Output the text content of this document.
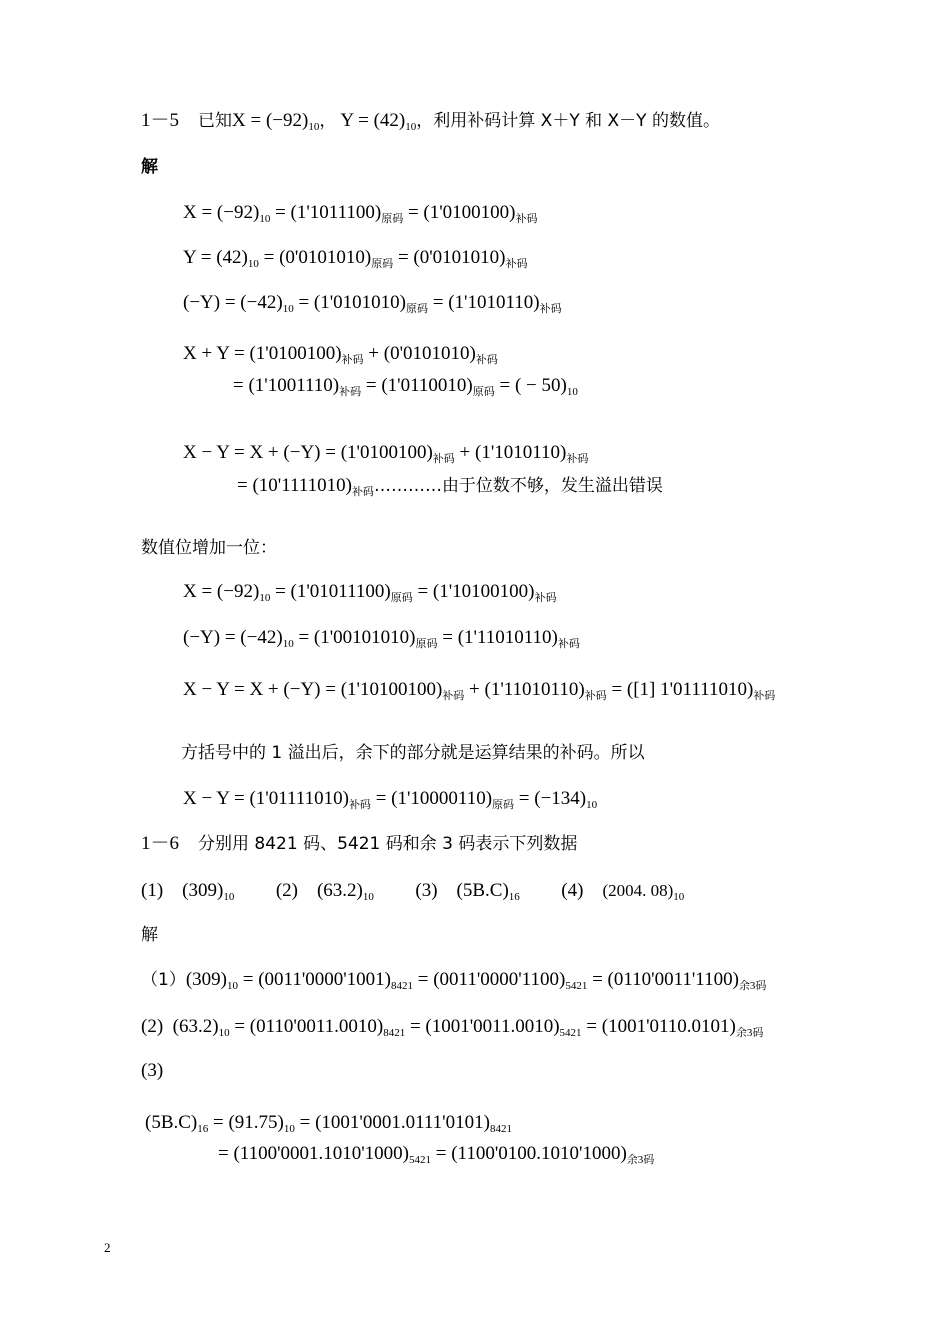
1－5 已知$X = (-92)_{10}$， $Y = (42)_{10}$，利用补码计算 X＋Y 和 X－Y 的数值。
解
$X = (-92)_{10} = (1'1011100)_{原码} = (1'0100100)_{补码}$
$Y = (42)_{10} = (0'0101010)_{原码} = (0'0101010)_{补码}$
$(-Y) = (-42)_{10} = (1'0101010)_{原码} = (1'1010110)_{补码}$
$X + Y = (1'0100100)_{补码} + (0'0101010)_{补码}$
= $(1'1001110)_{补码} = (1'0110010)_{原码}$ = ( − $50)_{10}$
$X - Y = X + (-Y) = (1'0100100)_{补码} + (1'1010110)_{补码}$
= $(10'1111010)_{补码}\dots\dots\dots\dots$由于位数不够，发生溢出错误
数值位增加一位：
$X = (-92)_{10} = (1'01011100)_{原码} = (1'10100100)_{补码}$
$(-Y) = (-42)_{10} = (1'00101010)_{原码} = (1'11010110)_{补码}$
$X - Y = X + (-Y) = (1'10100100)_{补码} + (1'11010110)_{补码} = ([1]$ $1'01111010)_{补码}$
方括号中的 1 溢出后，余下的部分就是运算结果的补码。所以
$X - Y = (1'01111010)_{补码} = (1'10000110)_{原码} = (-134)_{10}$
1－6 分别用 8421 码、5421 码和余 3 码表示下列数据
(1) $(309)_{10}$ (2) $(63.2)_{10}$ (3) $(5B.C)_{16}$ (4) (2004. $08)_{10}$
解
$(1)(309)_{10} = (0011'0000'1001)_{8421} = (0011'0000'1100)_{5421} = (0110'0011'1100)_{余3码}$
(2) $(63.2)_{10} = (0110'0011.0010)_{8421} = (1001'0011.0010)_{5421} = (1001'0110.0101)_{余3码}$
(3)
$(5B.C)_{16} = (91.75)_{10} = (1001'0001.0111'0101)_{8421}$
= $(1100'0001.1010'1000)_{5421} = (1100'0100.1010'1000)_{余3码}$
2
